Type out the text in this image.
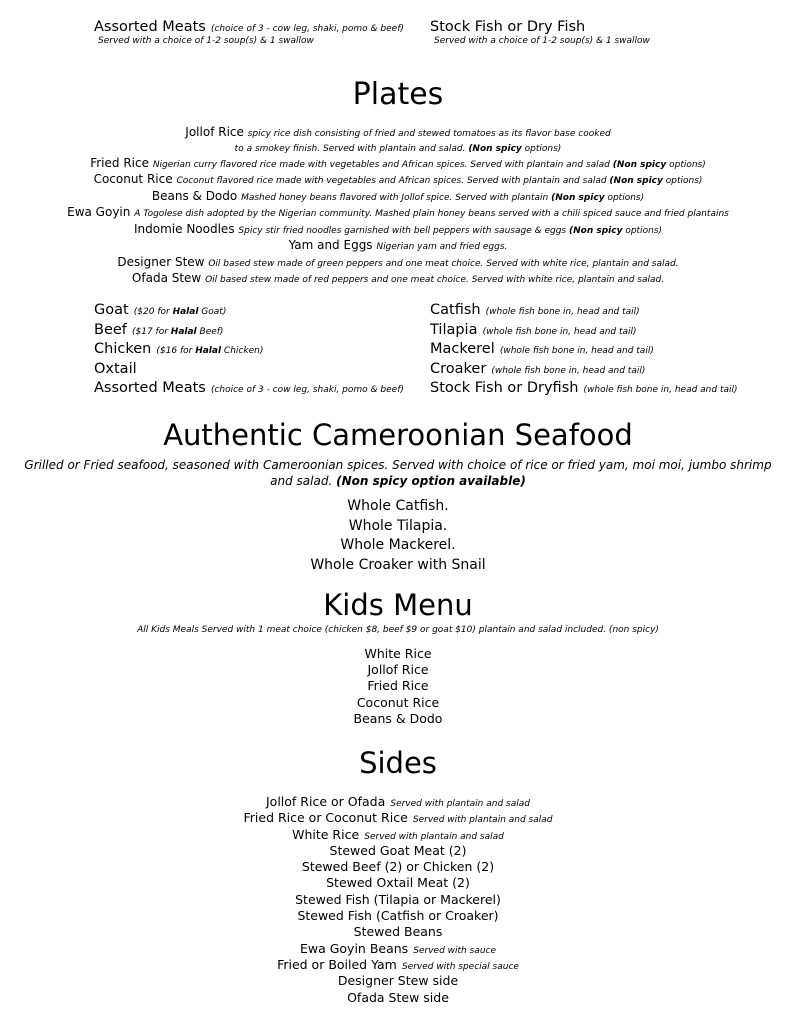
Assorted Meats (choice of 3 - cow leg, shaki, pomo & beef)
Served with a choice of 1-2 soup(s) & 1 swallow
Stock Fish or Dry Fish
Served with a choice of 1-2 soup(s) & 1 swallow
Plates
Jollof Rice spicy rice dish consisting of fried and stewed tomatoes as its flavor base cooked
to a smokey finish. Served with plantain and salad. (Non spicy options)
Fried Rice Nigerian curry flavored rice made with vegetables and African spices. Served with plantain and salad (Non spicy options)
Coconut Rice Coconut flavored rice made with vegetables and African spices. Served with plantain and salad (Non spicy options)
Beans & Dodo Mashed honey beans flavored with Jollof spice. Served with plantain (Non spicy options)
Ewa Goyin A Togolese dish adopted by the Nigerian community. Mashed plain honey beans served with a chili spiced sauce and fried plantains
Indomie Noodles Spicy stir fried noodles garnished with bell peppers with sausage & eggs (Non spicy options)
Yam and Eggs Nigerian yam and fried eggs.
Designer Stew Oil based stew made of green peppers and one meat choice. Served with white rice, plantain and salad.
Ofada Stew Oil based stew made of red peppers and one meat choice. Served with white rice, plantain and salad.
Goat ($20 for Halal Goat)
Beef ($17 for Halal Beef)
Chicken ($16 for Halal Chicken)
Oxtail
Assorted Meats (choice of 3 - cow leg, shaki, pomo & beef)
Catfish (whole fish bone in, head and tail)
Tilapia (whole fish bone in, head and tail)
Mackerel (whole fish bone in, head and tail)
Croaker (whole fish bone in, head and tail)
Stock Fish or Dryfish (whole fish bone in, head and tail)
Authentic Cameroonian Seafood
Grilled or Fried seafood, seasoned with Cameroonian spices. Served with choice of rice or fried yam, moi moi, jumbo shrimp
and salad. (Non spicy option available)
Whole Catfish.
Whole Tilapia.
Whole Mackerel.
Whole Croaker with Snail
Kids Menu
All Kids Meals Served with 1 meat choice (chicken $8, beef $9 or goat $10) plantain and salad included. (non spicy)
White Rice
Jollof Rice
Fried Rice
Coconut Rice
Beans & Dodo
Sides
Jollof Rice or Ofada Served with plantain and salad
Fried Rice or Coconut Rice Served with plantain and salad
White Rice Served with plantain and salad
Stewed Goat Meat (2)
Stewed Beef (2) or Chicken (2)
Stewed Oxtail Meat (2)
Stewed Fish (Tilapia or Mackerel)
Stewed Fish (Catfish or Croaker)
Stewed Beans
Ewa Goyin Beans Served with sauce
Fried or Boiled Yam Served with special sauce
Designer Stew side
Ofada Stew side
